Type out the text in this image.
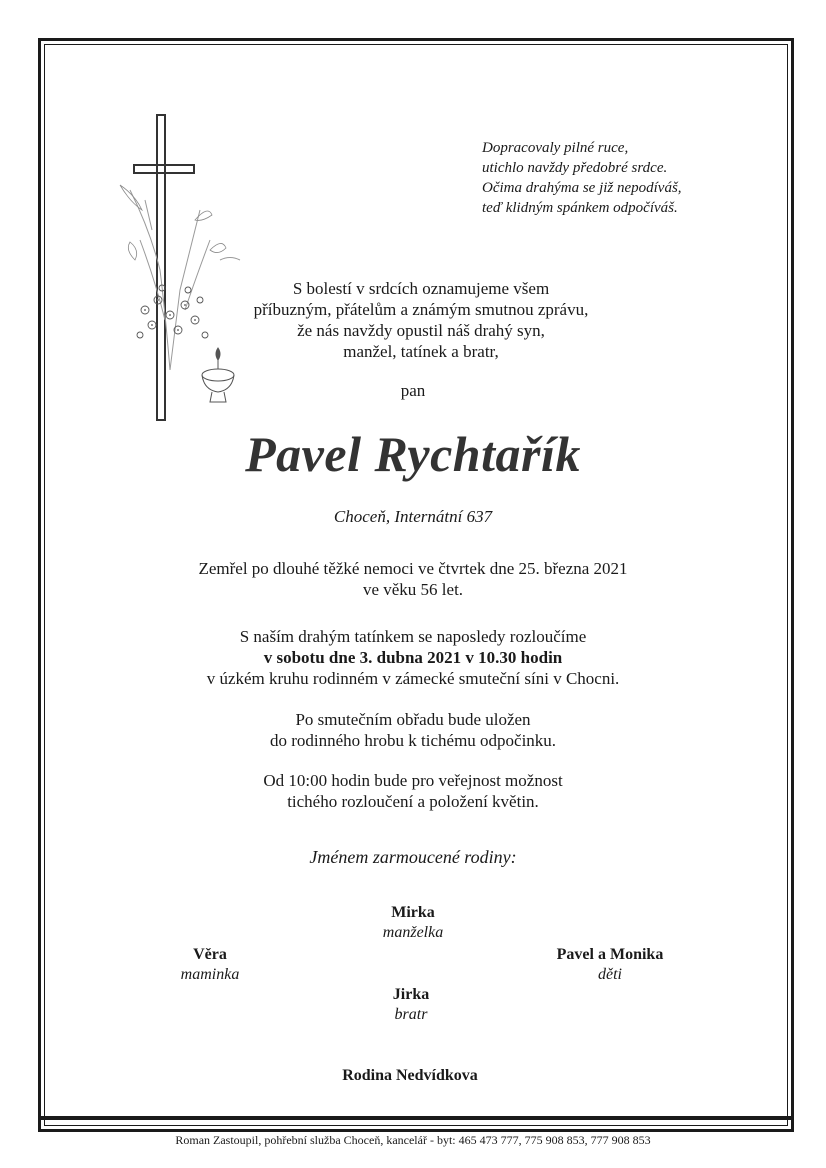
Dopracovaly pilné ruce,
utichlo navždy předobré srdce.
Očima drahýma se již nepodíváš,
teď klidným spánkem odpočíváš.
S bolestí v srdcích oznamujeme všem
příbuzným, přátelům a známým smutnou zprávu,
že nás navždy opustil náš drahý syn,
manžel, tatínek a bratr,
pan
Pavel Rychtařík
Choceň, Internátní 637
Zemřel po dlouhé těžké nemoci ve čtvrtek dne 25. března 2021
ve věku 56 let.
S naším drahým tatínkem se naposledy rozloučíme
v sobotu dne 3. dubna 2021 v 10.30 hodin
v úzkém kruhu rodinném v zámecké smuteční síni v Chocni.
Po smutečním obřadu bude uložen
do rodinného hrobu k tichému odpočinku.
Od 10:00 hodin bude pro veřejnost možnost
tichého rozloučení a položení květin.
Jménem zarmoucené rodiny:
Mirka
manželka
Věra
maminka
Pavel a Monika
děti
Jirka
bratr
Rodina Nedvídkova
Roman Zastoupil, pohřební služba Choceň, kancelář - byt: 465 473 777, 775 908 853, 777 908 853
